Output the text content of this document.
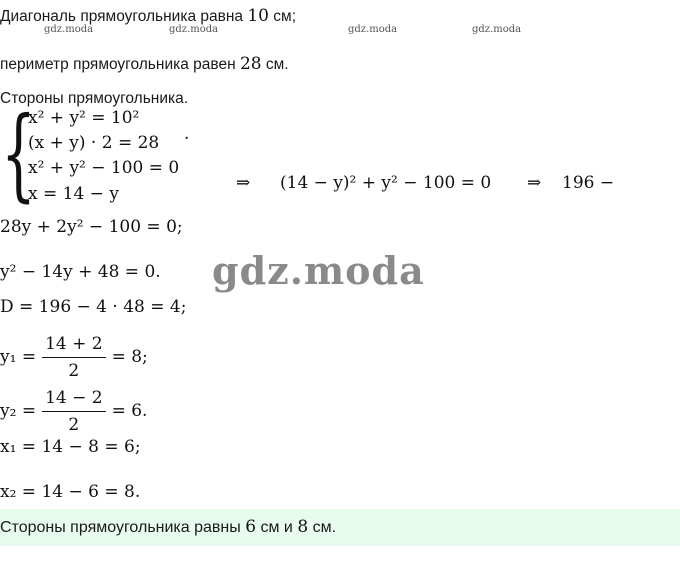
Диагональ прямоугольника равна 10 см;
gdz.moda	gdz.moda	gdz.moda	gdz.moda
периметр прямоугольника равен 28 см.
Стороны прямоугольника.
{
x² + y² = 10²
(x + y) · 2 = 28 .
x² + y² − 100 = 0
x = 14 − y
⇒ (14 − y)² + y² − 100 = 0 ⇒ 196 −
28y + 2y² − 100 = 0;
y² − 14y + 48 = 0. gdz.moda
D = 196 − 4 · 48 = 4;
$y_1 = \frac{14 + 2}{2} = 8$;
$y_2 = \frac{14 - 2}{2} = 6$.
x₁ = 14 − 8 = 6;
x₂ = 14 − 6 = 8.
Стороны прямоугольника равны 6 см и 8 см.
